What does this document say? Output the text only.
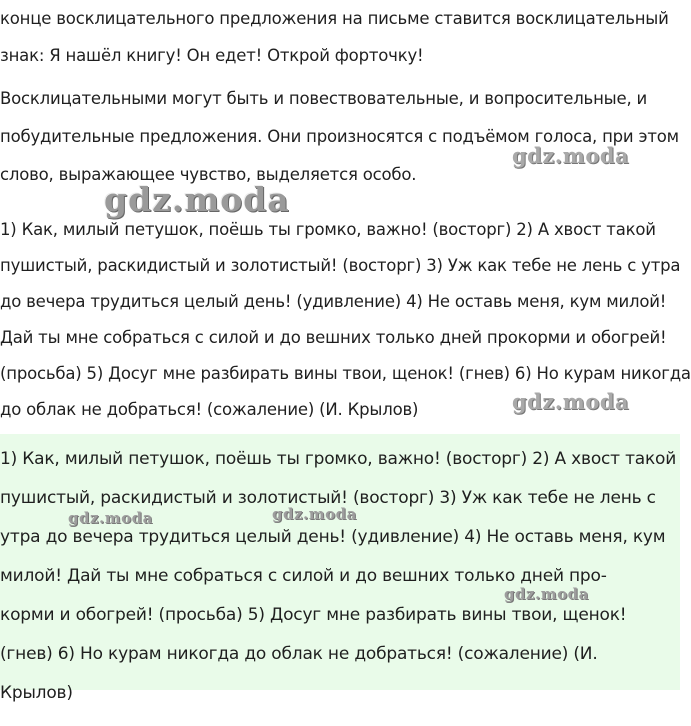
конце восклицательного предложения на письме ставится восклицательный
знак: Я нашёл книгу! Он едет! Открой форточку!

Восклицательными могут быть и повествовательные, и вопросительные, и
побудительные предложения. Они произносятся с подъёмом голоса, при этом
слово, выражающее чувство, выделяется особо.

1) Как, милый петушок, поёшь ты громко, важно! (восторг) 2) А хвост такой
пушистый, раскидистый и золотистый! (восторг) 3) Уж как тебе не лень с утра
до вечера трудиться целый день! (удивление) 4) Не оставь меня, кум милой!
Дай ты мне собраться с силой и до вешних только дней прокорми и обогрей!
(просьба) 5) Досуг мне разбирать вины твои, щенок! (гнев) 6) Но курам никогда
до облак не добраться! (сожаление) (И. Крылов)

1) Как, милый петушок, поёшь ты громко, важно! (восторг) 2) А хвост такой
пушистый, раскидистый и золотистый! (восторг) 3) Уж как тебе не лень с
утра до вечера трудиться целый день! (удивление) 4) Не оставь меня, кум
милой! Дай ты мне собраться с силой и до вешних только дней про-
корми и обогрей! (просьба) 5) Досуг мне разбирать вины твои, щенок!
(гнев) 6) Но курам никогда до облак не добраться! (сожаление) (И.
Крылов)

gdz.moda
gdz.moda
gdz.moda
gdz.moda	gdz.moda
gdz.moda
